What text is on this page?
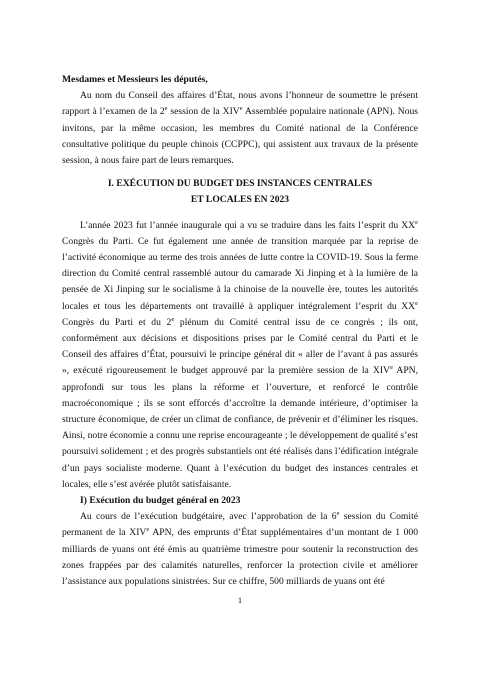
Mesdames et Messieurs les députés,

Au nom du Conseil des affaires d’État, nous avons l’honneur de soumettre le présent rapport à l’examen de la 2e session de la XIVe Assemblée populaire nationale (APN). Nous invitons, par la même occasion, les membres du Comité national de la Conférence consultative politique du peuple chinois (CCPPC), qui assistent aux travaux de la présente session, à nous faire part de leurs remarques.

I. EXÉCUTION DU BUDGET DES INSTANCES CENTRALES
ET LOCALES EN 2023

L’année 2023 fut l’année inaugurale qui a vu se traduire dans les faits l’esprit du XXe Congrès du Parti. Ce fut également une année de transition marquée par la reprise de l’activité économique au terme des trois années de lutte contre la COVID-19. Sous la ferme direction du Comité central rassemblé autour du camarade Xi Jinping et à la lumière de la pensée de Xi Jinping sur le socialisme à la chinoise de la nouvelle ère, toutes les autorités locales et tous les départements ont travaillé à appliquer intégralement l’esprit du XXe Congrès du Parti et du 2e plénum du Comité central issu de ce congrès ; ils ont, conformément aux décisions et dispositions prises par le Comité central du Parti et le Conseil des affaires d’État, poursuivi le principe général dit « aller de l’avant à pas assurés », exécuté rigoureusement le budget approuvé par la première session de la XIVe APN, approfondi sur tous les plans la réforme et l’ouverture, et renforcé le contrôle macroéconomique ; ils se sont efforcés d’accroître la demande intérieure, d’optimiser la structure économique, de créer un climat de confiance, de prévenir et d’éliminer les risques. Ainsi, notre économie a connu une reprise encourageante ; le développement de qualité s’est poursuivi solidement ; et des progrès substantiels ont été réalisés dans l’édification intégrale d’un pays socialiste moderne. Quant à l’exécution du budget des instances centrales et locales, elle s’est avérée plutôt satisfaisante.

I) Exécution du budget général en 2023

Au cours de l’exécution budgétaire, avec l’approbation de la 6e session du Comité permanent de la XIVe APN, des emprunts d’État supplémentaires d’un montant de 1 000 milliards de yuans ont été émis au quatrième trimestre pour soutenir la reconstruction des zones frappées par des calamités naturelles, renforcer la protection civile et améliorer l’assistance aux populations sinistrées. Sur ce chiffre, 500 milliards de yuans ont été

1
